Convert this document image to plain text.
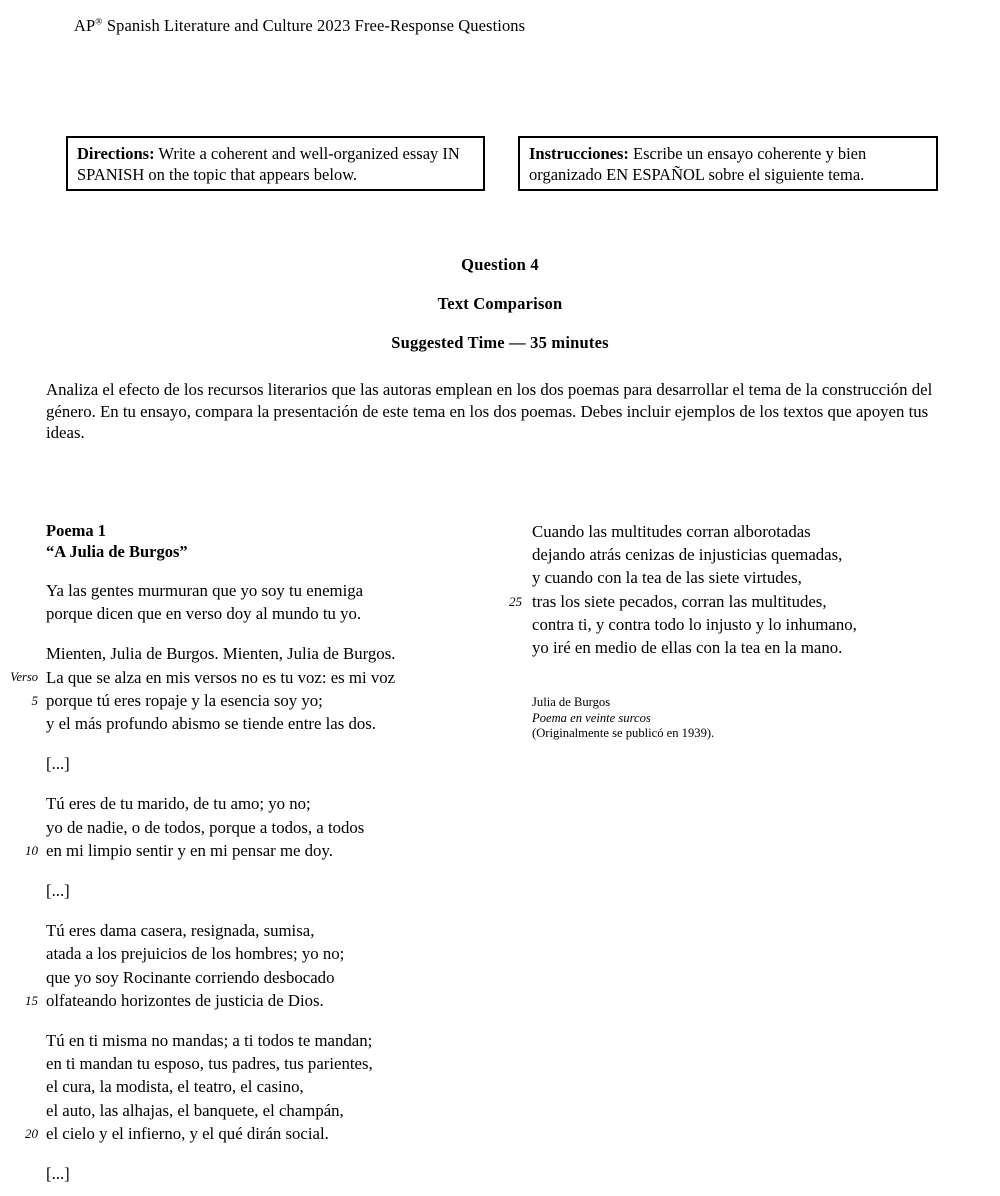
AP® Spanish Literature and Culture 2023 Free-Response Questions
Directions: Write a coherent and well-organized essay IN SPANISH on the topic that appears below.
Instrucciones: Escribe un ensayo coherente y bien organizado EN ESPAÑOL sobre el siguiente tema.
Question 4
Text Comparison
Suggested Time — 35 minutes
Analiza el efecto de los recursos literarios que las autoras emplean en los dos poemas para desarrollar el tema de la construcción del género. En tu ensayo, compara la presentación de este tema en los dos poemas. Debes incluir ejemplos de los textos que apoyen tus ideas.
Poema 1
“A Julia de Burgos”
Ya las gentes murmuran que yo soy tu enemiga
porque dicen que en verso doy al mundo tu yo.
Mienten, Julia de Burgos. Mienten, Julia de Burgos.
Verso La que se alza en mis versos no es tu voz: es mi voz
5 porque tú eres ropaje y la esencia soy yo;
y el más profundo abismo se tiende entre las dos.
[...]
Tú eres de tu marido, de tu amo; yo no;
yo de nadie, o de todos, porque a todos, a todos
10 en mi limpio sentir y en mi pensar me doy.
[...]
Tú eres dama casera, resignada, sumisa,
atada a los prejuicios de los hombres; yo no;
que yo soy Rocinante corriendo desbocado
15 olfateando horizontes de justicia de Dios.
Tú en ti misma no mandas; a ti todos te mandan;
en ti mandan tu esposo, tus padres, tus parientes,
el cura, la modista, el teatro, el casino,
el auto, las alhajas, el banquete, el champán,
20 el cielo y el infierno, y el qué dirán social.
[...]
Cuando las multitudes corran alborotadas
dejando atrás cenizas de injusticias quemadas,
y cuando con la tea de las siete virtudes,
25 tras los siete pecados, corran las multitudes,
contra ti, y contra todo lo injusto y lo inhumano,
yo iré en medio de ellas con la tea en la mano.
Julia de Burgos
Poema en veinte surcos
(Originalmente se publicó en 1939).
